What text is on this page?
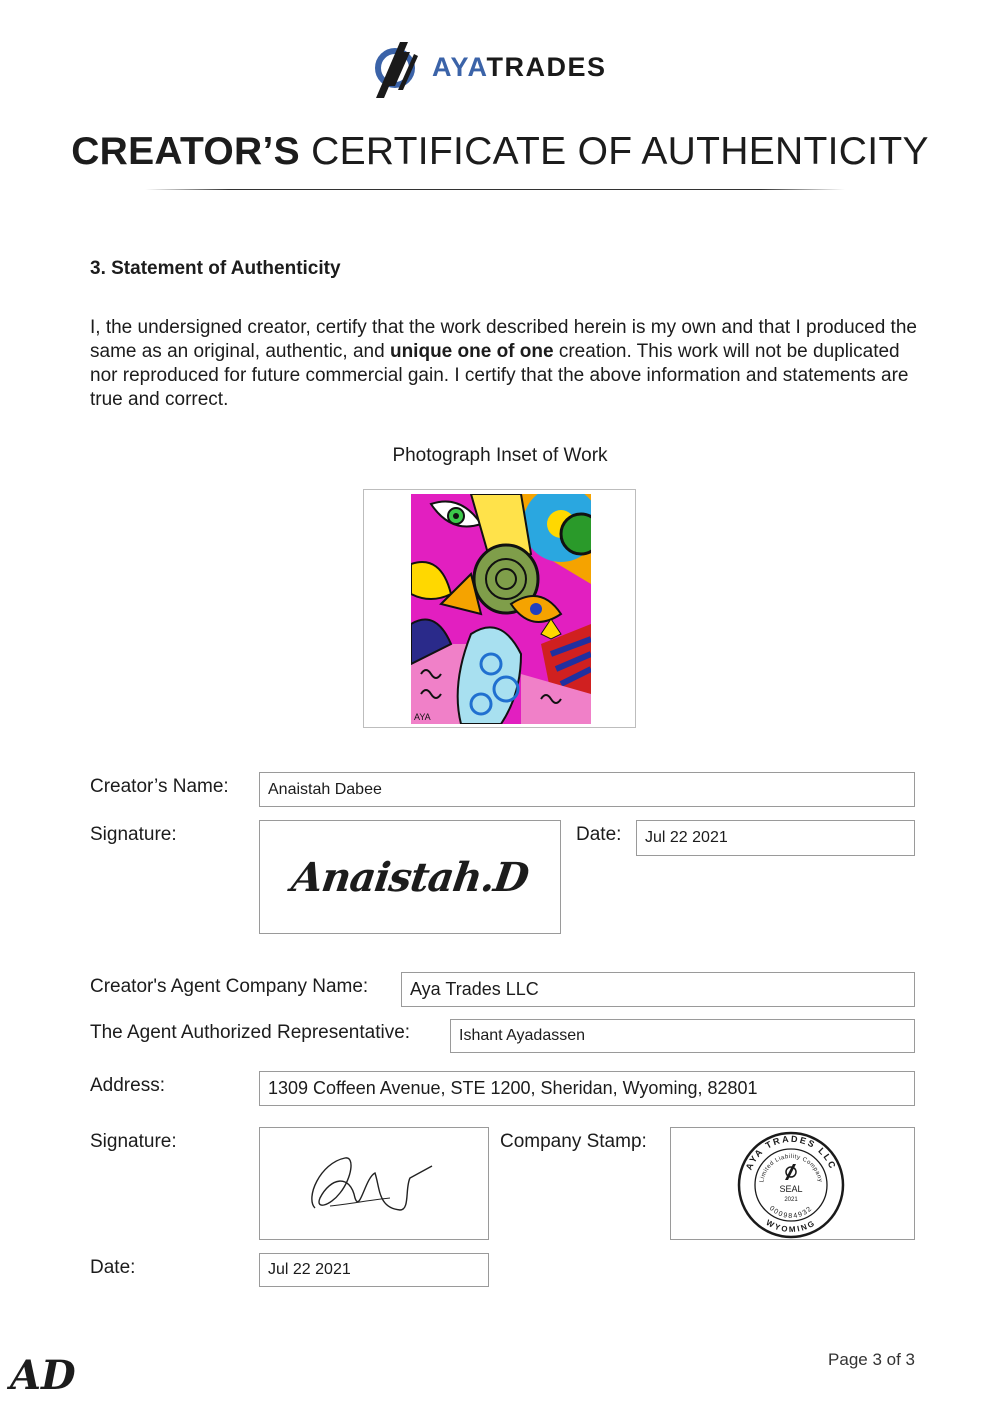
AYATRADES
CREATOR’S CERTIFICATE OF AUTHENTICITY
3. Statement of Authenticity
I, the undersigned creator, certify that the work described herein is my own and that I produced the same as an original, authentic, and unique one of one creation. This work will not be duplicated nor reproduced for future commercial gain. I certify that the above information and statements are true and correct.
Photograph Inset of Work
AYA
Creator’s Name: Anaistah Dabee
Signature:
Anaistah.D
Date: Jul 22 2021
Creator's Agent Company Name: Aya Trades LLC
The Agent Authorized Representative:	Ishant Ayadassen
Address:	1309 Coffeen Avenue, STE 1200, Sheridan, Wyoming, 82801
Signature:	Company Stamp:
AYA TRADES LLC
Limited Liability Company
000984932
WYOMING
SEAL
2021
Date:	Jul 22 2021
AD	Page 3 of 3
